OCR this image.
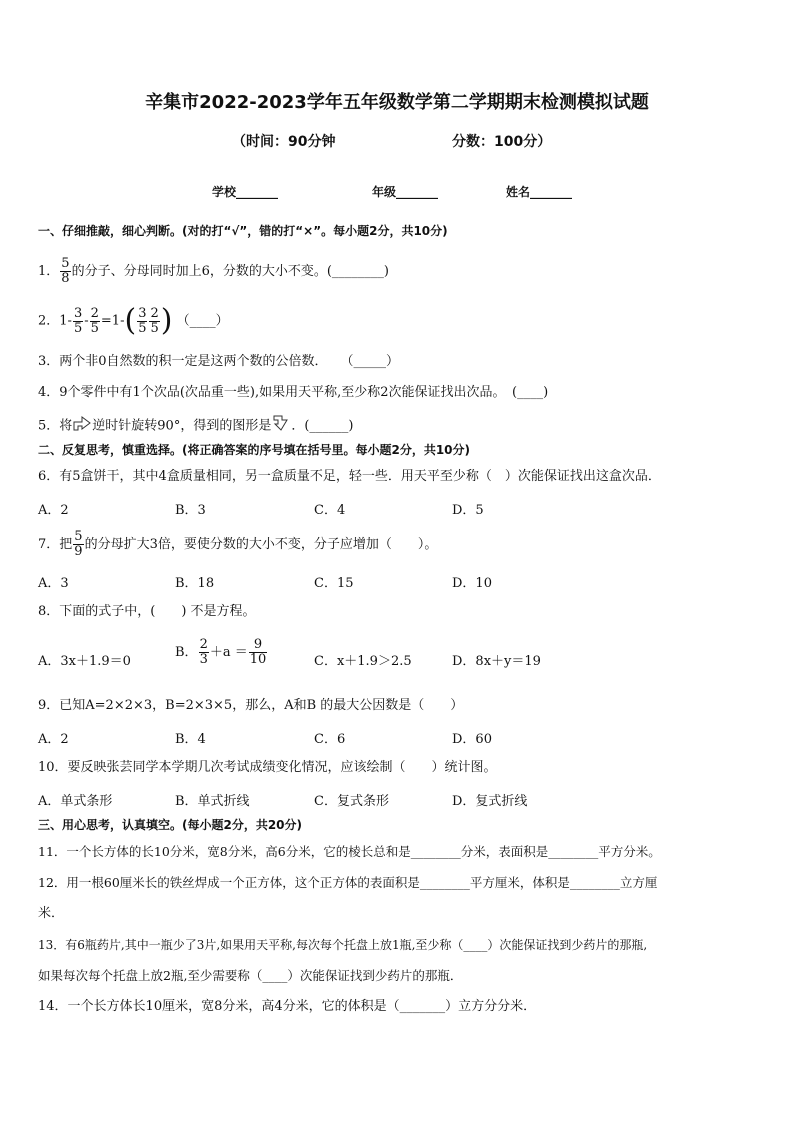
辛集市2022-2023学年五年级数学第二学期期末检测模拟试题
（时间：90分钟	分数：100分）
学校_______	年级_______	姓名_______
一、仔细推敲，细心判断。(对的打“√”，错的打“×”。每小题2分，共10分)
1． $\frac{5}{8}$ 的分子、分母同时加上6，分数的大小不变。(________)
2．$1- \frac{3}{5} - \frac{2}{5} =1-( \frac{3}{5} \frac{2}{5}$ ) （____）
3．两个非0自然数的积一定是这两个数的公倍数．　　（_____）
4．9个零件中有1个次品(次品重一些),如果用天平称,至少称2次能保证找出次品。　(____)
5．将 逆时针旋转90°，得到的图形是 ．(______)
二、反复思考，慎重选择。(将正确答案的序号填在括号里。每小题2分，共10分)
6．有5盒饼干，其中4盒质量相同，另一盒质量不足，轻一些．用天平至少称（　）次能保证找出这盒次品．
A．2	B．3	C．4	D．5
7．把 $\frac{5}{9}$ 的分母扩大3倍，要使分数的大小不变，分子应增加（　　）。
A．3	B．18	C．15	D．10
8．下面的式子中，(　　) 不是方程。
A．3x＋1.9＝0
B． $\frac{2}{3} +a = \frac{9}{10}$	C．x＋1.9＞2.5	D．8x＋y＝19
9．已知A=2×2×3，B=2×3×5，那么，A和B 的最大公因数是（　　）
A．2	B．4	C．6	D．60
10．要反映张芸同学本学期几次考试成绩变化情况，应该绘制（　　）统计图。
A．单式条形	B．单式折线	C．复式条形	D．复式折线
三、用心思考，认真填空。(每小题2分，共20分)
11．一个长方体的长10分米，宽8分米，高6分米，它的棱长总和是________分米，表面积是________平方分米。
12．用一根60厘米长的铁丝焊成一个正方体，这个正方体的表面积是________平方厘米，体积是________立方厘
米．
13．有6瓶药片,其中一瓶少了3片,如果用天平称,每次每个托盘上放1瓶,至少称（____）次能保证找到少药片的那瓶,
如果每次每个托盘上放2瓶,至少需要称（____）次能保证找到少药片的那瓶．
14．一个长方体长10厘米，宽8分米，高4分米，它的体积是（_______）立方分分米．
